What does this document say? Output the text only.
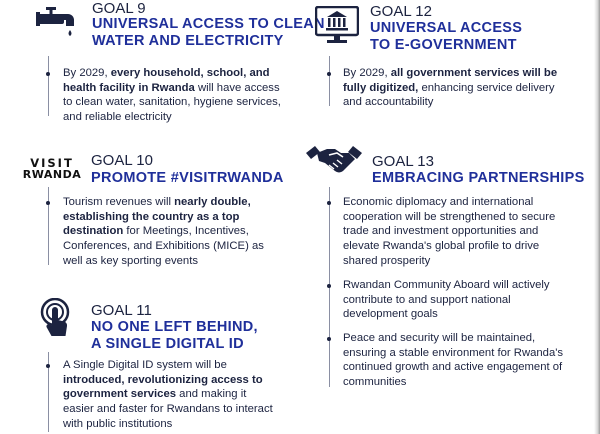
GOAL 9
UNIVERSAL ACCESS TO CLEAN
WATER AND ELECTRICITY
By 2029, every household, school, and health facility in Rwanda will have access to clean water, sanitation, hygiene services, and reliable electricity
GOAL 12
UNIVERSAL ACCESS
TO E-GOVERNMENT
By 2029, all government services will be fully digitized, enhancing service delivery and accountability
VISIT
RWANDA
GOAL 10
PROMOTE #VISITRWANDA
Tourism revenues will nearly double, establishing the country as a top destination for Meetings, Incentives, Conferences, and Exhibitions (MICE) as well as key sporting events
GOAL 13
EMBRACING PARTNERSHIPS
Economic diplomacy and international cooperation will be strengthened to secure trade and investment opportunities and elevate Rwanda's global profile to drive shared prosperity
Rwandan Community Aboard will actively contribute to and support national development goals
Peace and security will be maintained, ensuring a stable environment for Rwanda's continued growth and active engagement of communities
GOAL 11
NO ONE LEFT BEHIND,
A SINGLE DIGITAL ID
A Single Digital ID system will be introduced, revolutionizing access to government services and making it easier and faster for Rwandans to interact with public institutions
